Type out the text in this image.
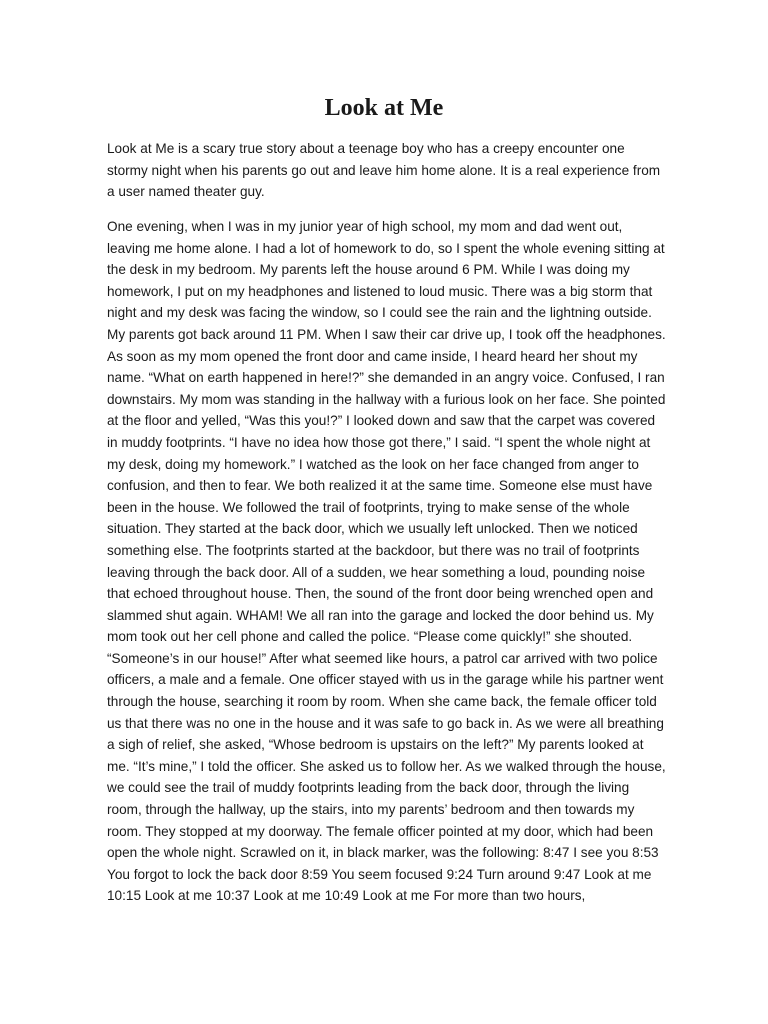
Look at Me

Look at Me is a scary true story about a teenage boy who has a creepy encounter one stormy night when his parents go out and leave him home alone. It is a real experience from a user named theater guy.

One evening, when I was in my junior year of high school, my mom and dad went out, leaving me home alone. I had a lot of homework to do, so I spent the whole evening sitting at the desk in my bedroom. My parents left the house around 6 PM. While I was doing my homework, I put on my headphones and listened to loud music. There was a big storm that night and my desk was facing the window, so I could see the rain and the lightning outside. My parents got back around 11 PM. When I saw their car drive up, I took off the headphones. As soon as my mom opened the front door and came inside, I heard heard her shout my name. “What on earth happened in here!?” she demanded in an angry voice. Confused, I ran downstairs. My mom was standing in the hallway with a furious look on her face. She pointed at the floor and yelled, “Was this you!?” I looked down and saw that the carpet was covered in muddy footprints. “I have no idea how those got there,” I said. “I spent the whole night at my desk, doing my homework.” I watched as the look on her face changed from anger to confusion, and then to fear. We both realized it at the same time. Someone else must have been in the house. We followed the trail of footprints, trying to make sense of the whole situation. They started at the back door, which we usually left unlocked. Then we noticed something else. The footprints started at the backdoor, but there was no trail of footprints leaving through the back door. All of a sudden, we hear something a loud, pounding noise that echoed throughout house. Then, the sound of the front door being wrenched open and slammed shut again. WHAM! We all ran into the garage and locked the door behind us. My mom took out her cell phone and called the police. “Please come quickly!” she shouted. “Someone’s in our house!” After what seemed like hours, a patrol car arrived with two police officers, a male and a female. One officer stayed with us in the garage while his partner went through the house, searching it room by room. When she came back, the female officer told us that there was no one in the house and it was safe to go back in. As we were all breathing a sigh of relief, she asked, “Whose bedroom is upstairs on the left?” My parents looked at me. “It’s mine,” I told the officer. She asked us to follow her. As we walked through the house, we could see the trail of muddy footprints leading from the back door, through the living room, through the hallway, up the stairs, into my parents’ bedroom and then towards my room. They stopped at my doorway. The female officer pointed at my door, which had been open the whole night. Scrawled on it, in black marker, was the following: 8:47 I see you 8:53 You forgot to lock the back door 8:59 You seem focused 9:24 Turn around 9:47 Look at me 10:15 Look at me 10:37 Look at me 10:49 Look at me For more than two hours,
